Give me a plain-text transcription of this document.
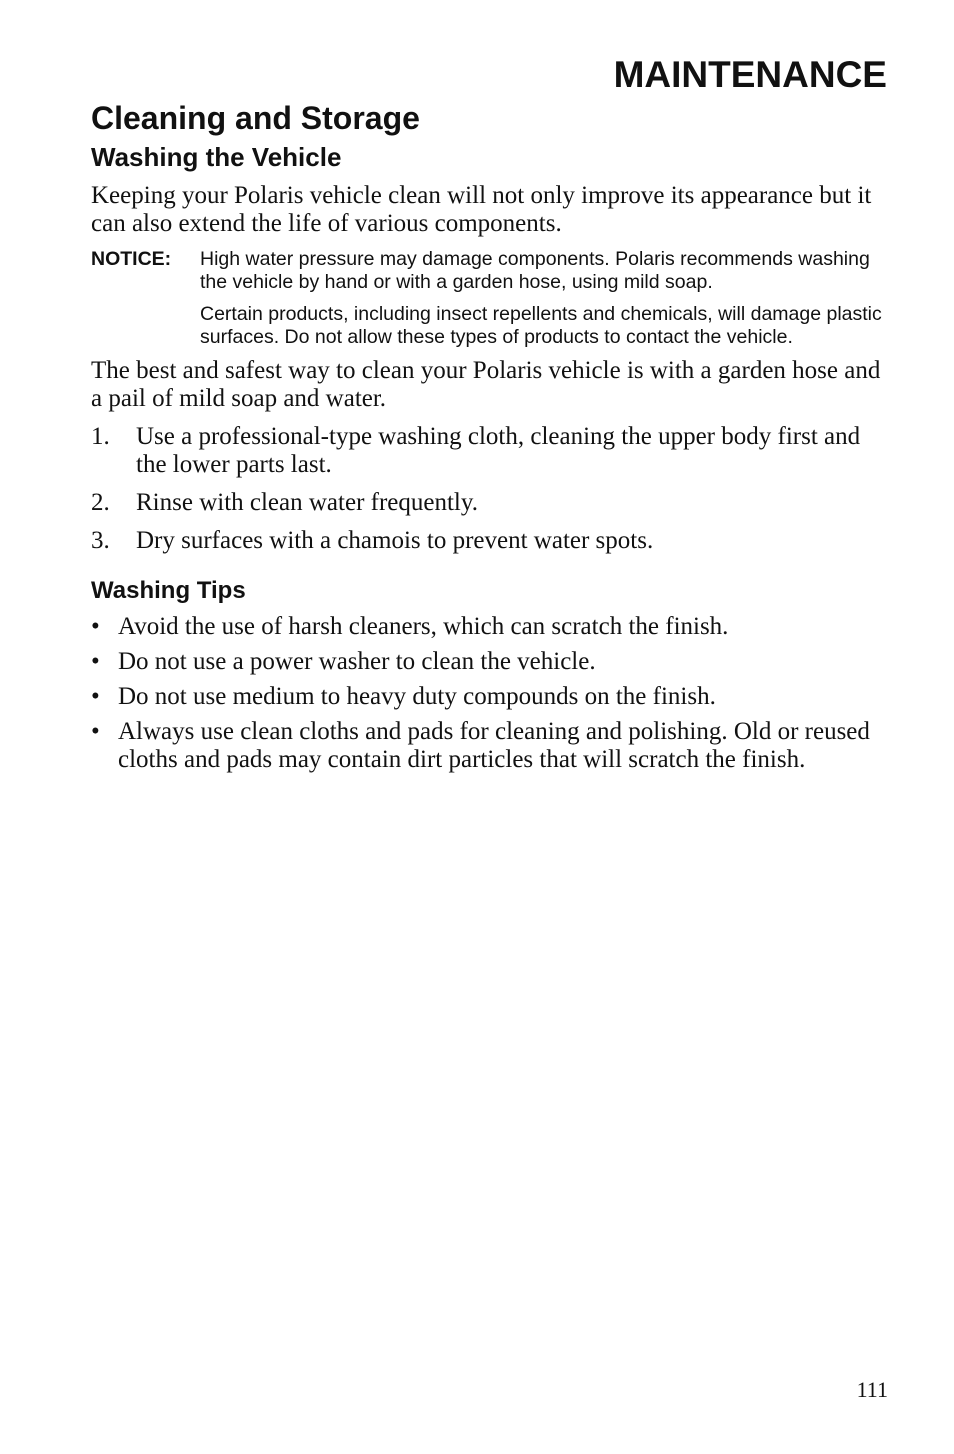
MAINTENANCE
Cleaning and Storage
Washing the Vehicle

Keeping your Polaris vehicle clean will not only improve its appearance but it can also extend the life of various components.

NOTICE:	High water pressure may damage components. Polaris recommends washing the vehicle by hand or with a garden hose, using mild soap.

Certain products, including insect repellents and chemicals, will damage plastic surfaces. Do not allow these types of products to contact the vehicle.

The best and safest way to clean your Polaris vehicle is with a garden hose and a pail of mild soap and water.

1.	Use a professional-type washing cloth, cleaning the upper body first and the lower parts last.
2.	Rinse with clean water frequently.
3.	Dry surfaces with a chamois to prevent water spots.
Washing Tips
• Avoid the use of harsh cleaners, which can scratch the finish.
• Do not use a power washer to clean the vehicle.
• Do not use medium to heavy duty compounds on the finish.
• Always use clean cloths and pads for cleaning and polishing. Old or reused cloths and pads may contain dirt particles that will scratch the finish.
111
